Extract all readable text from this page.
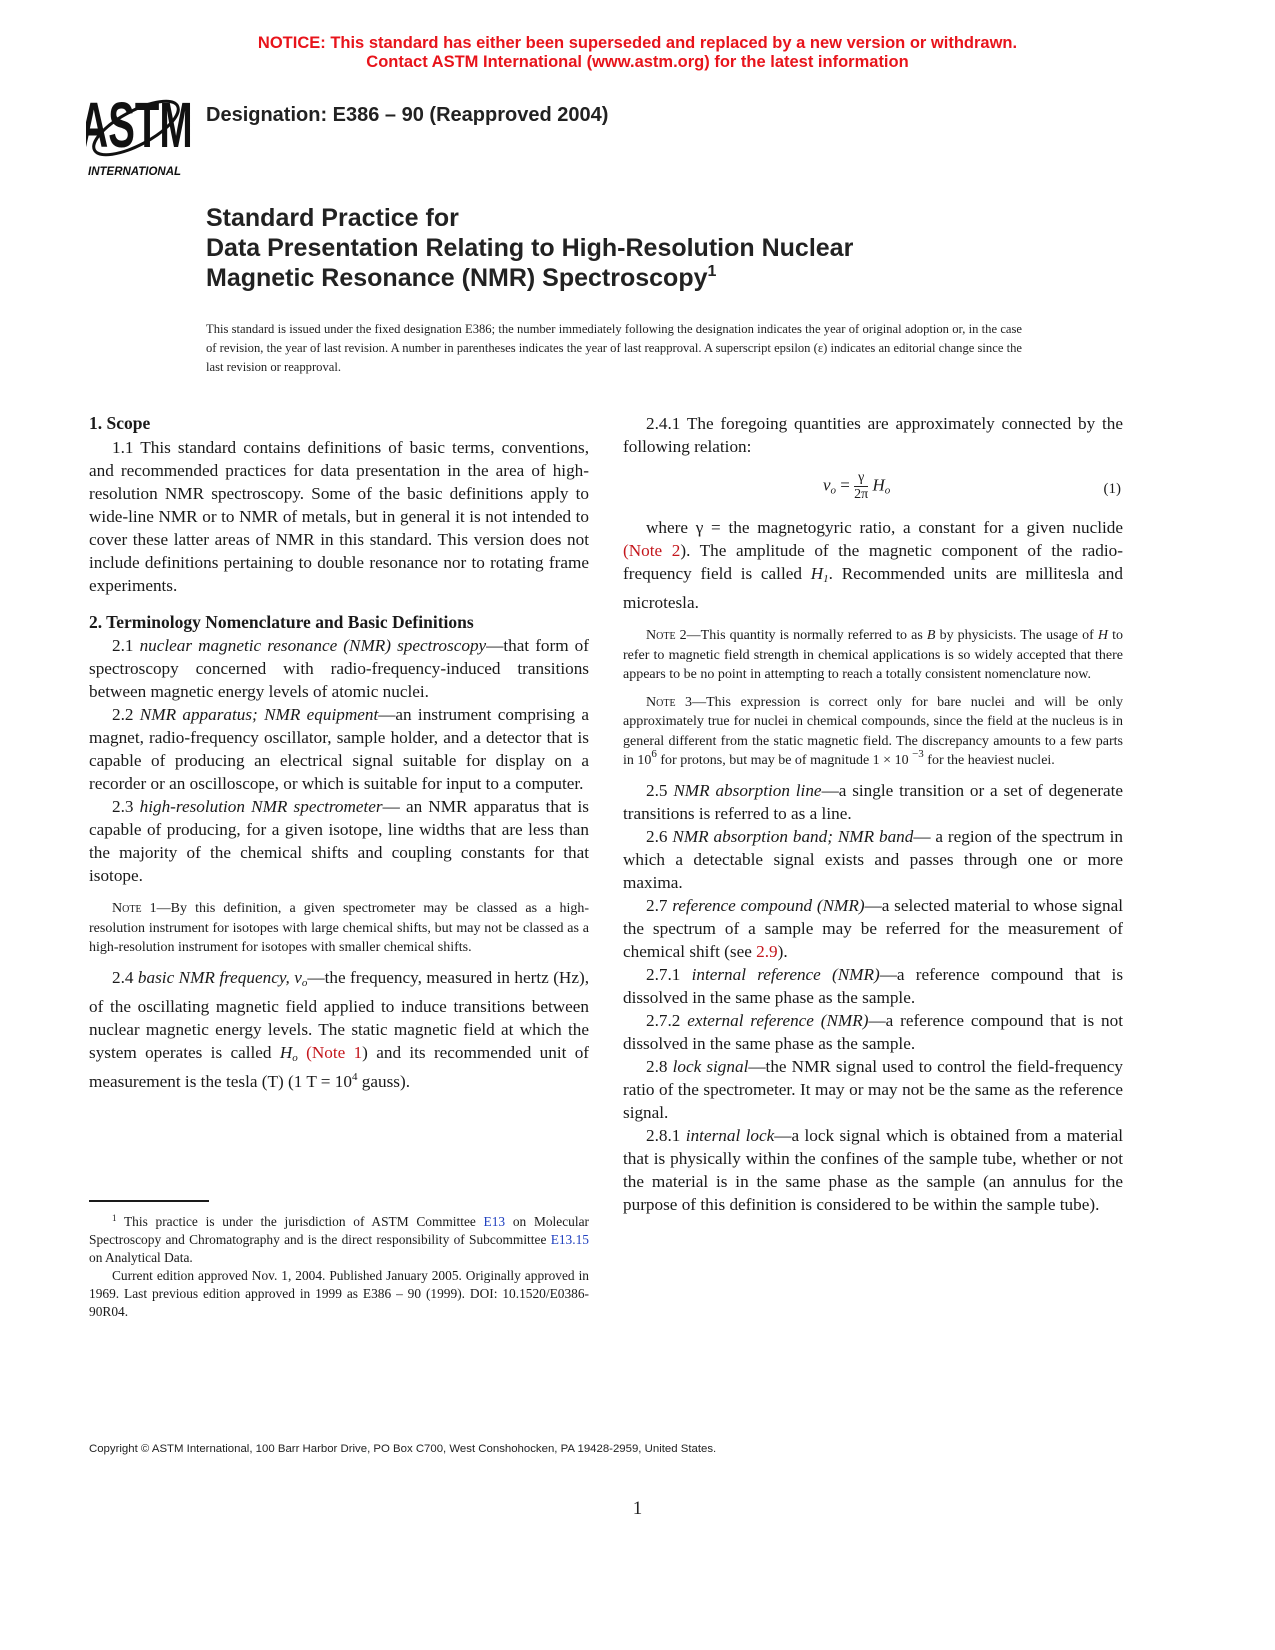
NOTICE: This standard has either been superseded and replaced by a new version or withdrawn.
Contact ASTM International (www.astm.org) for the latest information
ASTM
INTERNATIONAL
Designation: E386 – 90 (Reapproved 2004)
Standard Practice for
Data Presentation Relating to High-Resolution Nuclear
Magnetic Resonance (NMR) Spectroscopy$^1$
This standard is issued under the fixed designation E386; the number immediately following the designation indicates the year of original adoption or, in the case of revision, the year of last revision. A number in parentheses indicates the year of last reapproval. A superscript epsilon (ε) indicates an editorial change since the last revision or reapproval.
1. Scope

1.1 This standard contains definitions of basic terms, conventions, and recommended practices for data presentation in the area of high-resolution NMR spectroscopy. Some of the basic definitions apply to wide-line NMR or to NMR of metals, but in general it is not intended to cover these latter areas of NMR in this standard. This version does not include definitions pertaining to double resonance nor to rotating frame experiments.

2. Terminology Nomenclature and Basic Definitions

2.1 nuclear magnetic resonance (NMR) spectroscopy—that form of spectroscopy concerned with radio-frequency-induced transitions between magnetic energy levels of atomic nuclei.

2.2 NMR apparatus; NMR equipment—an instrument comprising a magnet, radio-frequency oscillator, sample holder, and a detector that is capable of producing an electrical signal suitable for display on a recorder or an oscilloscope, or which is suitable for input to a computer.

2.3 high-resolution NMR spectrometer— an NMR apparatus that is capable of producing, for a given isotope, line widths that are less than the majority of the chemical shifts and coupling constants for that isotope.

Note 1—By this definition, a given spectrometer may be classed as a high-resolution instrument for isotopes with large chemical shifts, but may not be classed as a high-resolution instrument for isotopes with smaller chemical shifts.

2.4 basic NMR frequency, $\nu_o—the$ frequency, measured in hertz (Hz), of the oscillating magnetic field applied to induce transitions between nuclear magnetic energy levels. The static magnetic field at which the system operates is called $H_o$ (Note 1) and its recommended unit of measurement is the tesla (T) (1 $T = 10^4$ gauss).

$^1$ This practice is under the jurisdiction of ASTM Committee E13 on Molecular Spectroscopy and Chromatography and is the direct responsibility of Subcommittee E13.15 on Analytical Data.

Current edition approved Nov. 1, 2004. Published January 2005. Originally approved in 1969. Last previous edition approved in 1999 as E386 – 90 (1999). DOI: 10.1520/E0386-90R04.

2.4.1 The foregoing quantities are approximately connected by the following relation:

$\nu_o = \frac{\gamma}{2\pi} H_o$	(1)

where γ = the magnetogyric ratio, a constant for a given nuclide (Note 2). The amplitude of the magnetic component of the radio-frequency field is called $H_1$. Recommended units are millitesla and microtesla.

Note 2—This quantity is normally referred to as B by physicists. The usage of H to refer to magnetic field strength in chemical applications is so widely accepted that there appears to be no point in attempting to reach a totally consistent nomenclature now.

Note 3—This expression is correct only for bare nuclei and will be only approximately true for nuclei in chemical compounds, since the field at the nucleus is in general different from the static magnetic field. The discrepancy amounts to a few parts in $10^6$ for protons, but may be of magnitude 1 × 10 $^{-3}$ for the heaviest nuclei.

2.5 NMR absorption line—a single transition or a set of degenerate transitions is referred to as a line.

2.6 NMR absorption band; NMR band— a region of the spectrum in which a detectable signal exists and passes through one or more maxima.

2.7 reference compound (NMR)—a selected material to whose signal the spectrum of a sample may be referred for the measurement of chemical shift (see 2.9).

2.7.1 internal reference (NMR)—a reference compound that is dissolved in the same phase as the sample.

2.7.2 external reference (NMR)—a reference compound that is not dissolved in the same phase as the sample.

2.8 lock signal—the NMR signal used to control the field-frequency ratio of the spectrometer. It may or may not be the same as the reference signal.

2.8.1 internal lock—a lock signal which is obtained from a material that is physically within the confines of the sample tube, whether or not the material is in the same phase as the sample (an annulus for the purpose of this definition is considered to be within the sample tube).

Copyright © ASTM International, 100 Barr Harbor Drive, PO Box C700, West Conshohocken, PA 19428-2959, United States.
1
